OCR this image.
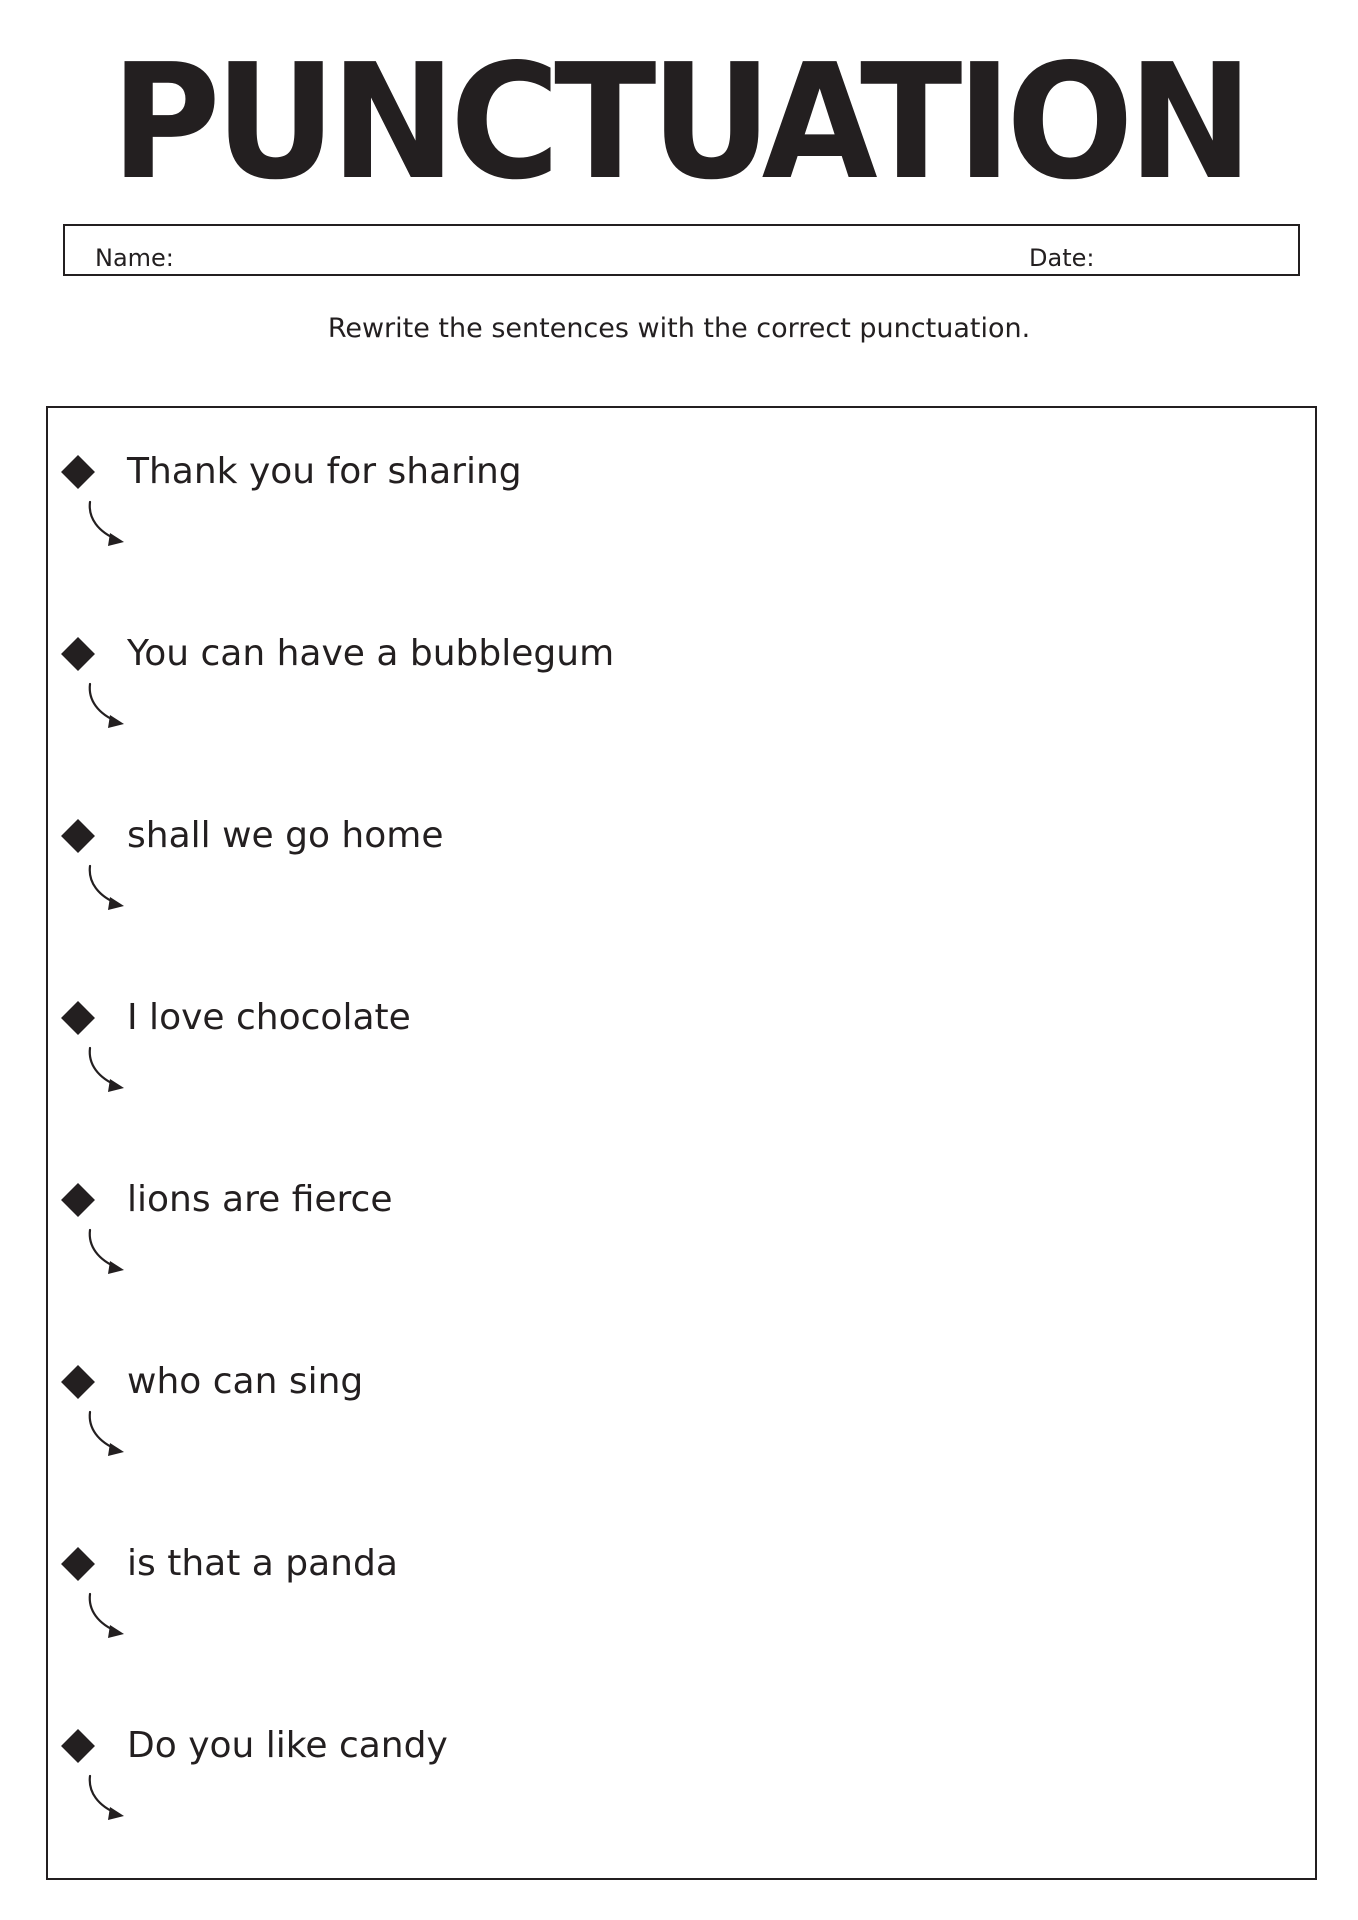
PUNCTUATION
Name:	Date:

Rewrite the sentences with the correct punctuation.

Thank you for sharing
You can have a bubblegum
shall we go home
I love chocolate
lions are fierce
who can sing
is that a panda
Do you like candy
